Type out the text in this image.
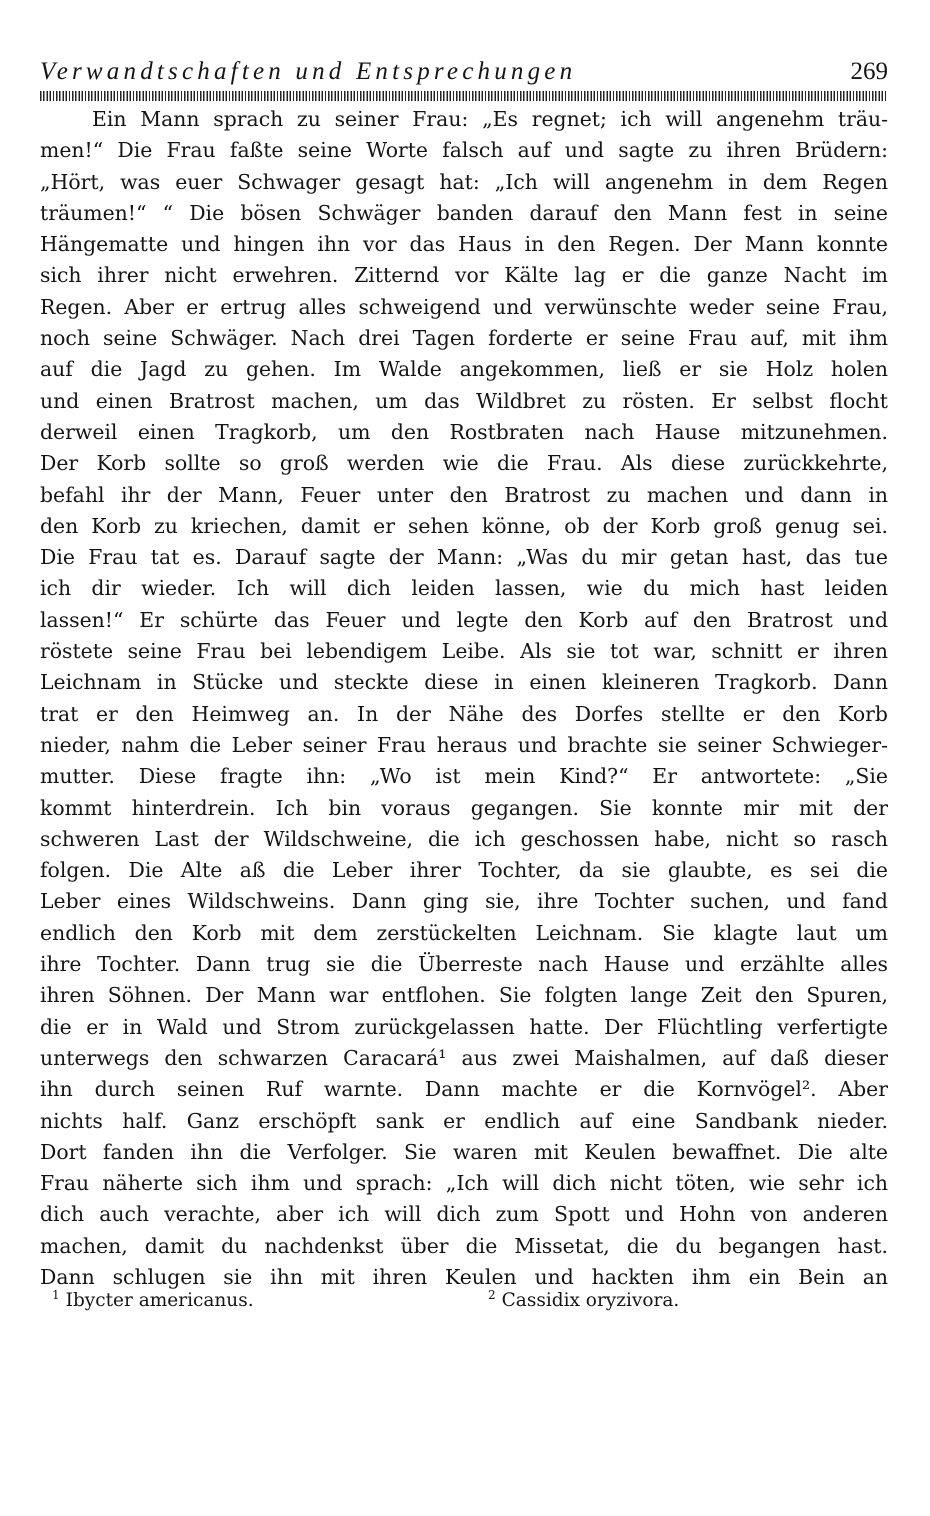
Verwandtschaften und Entsprechungen	269
Ein Mann sprach zu seiner Frau: „Es regnet; ich will angenehm träu-
men!“ Die Frau faßte seine Worte falsch auf und sagte zu ihren Brüdern:
„Hört, was euer Schwager gesagt hat: „Ich will angenehm in dem Regen
träumen!“ “ Die bösen Schwäger banden darauf den Mann fest in seine
Hängematte und hingen ihn vor das Haus in den Regen. Der Mann konnte
sich ihrer nicht erwehren. Zitternd vor Kälte lag er die ganze Nacht im
Regen. Aber er ertrug alles schweigend und verwünschte weder seine Frau,
noch seine Schwäger. Nach drei Tagen forderte er seine Frau auf, mit ihm
auf die Jagd zu gehen. Im Walde angekommen, ließ er sie Holz holen
und einen Bratrost machen, um das Wildbret zu rösten. Er selbst flocht
derweil einen Tragkorb, um den Rostbraten nach Hause mitzunehmen.
Der Korb sollte so groß werden wie die Frau. Als diese zurückkehrte,
befahl ihr der Mann, Feuer unter den Bratrost zu machen und dann in
den Korb zu kriechen, damit er sehen könne, ob der Korb groß genug sei.
Die Frau tat es. Darauf sagte der Mann: „Was du mir getan hast, das tue
ich dir wieder. Ich will dich leiden lassen, wie du mich hast leiden
lassen!“ Er schürte das Feuer und legte den Korb auf den Bratrost und
röstete seine Frau bei lebendigem Leibe. Als sie tot war, schnitt er ihren
Leichnam in Stücke und steckte diese in einen kleineren Tragkorb. Dann
trat er den Heimweg an. In der Nähe des Dorfes stellte er den Korb
nieder, nahm die Leber seiner Frau heraus und brachte sie seiner Schwieger-
mutter. Diese fragte ihn: „Wo ist mein Kind?“ Er antwortete: „Sie
kommt hinterdrein. Ich bin voraus gegangen. Sie konnte mir mit der
schweren Last der Wildschweine, die ich geschossen habe, nicht so rasch
folgen. Die Alte aß die Leber ihrer Tochter, da sie glaubte, es sei die
Leber eines Wildschweins. Dann ging sie, ihre Tochter suchen, und fand
endlich den Korb mit dem zerstückelten Leichnam. Sie klagte laut um
ihre Tochter. Dann trug sie die Überreste nach Hause und erzählte alles
ihren Söhnen. Der Mann war entflohen. Sie folgten lange Zeit den Spuren,
die er in Wald und Strom zurückgelassen hatte. Der Flüchtling verfertigte
unterwegs den schwarzen Caracará¹ aus zwei Maishalmen, auf daß dieser
ihn durch seinen Ruf warnte. Dann machte er die Kornvögel². Aber
nichts half. Ganz erschöpft sank er endlich auf eine Sandbank nieder.
Dort fanden ihn die Verfolger. Sie waren mit Keulen bewaffnet. Die alte
Frau näherte sich ihm und sprach: „Ich will dich nicht töten, wie sehr ich
dich auch verachte, aber ich will dich zum Spott und Hohn von anderen
machen, damit du nachdenkst über die Missetat, die du begangen hast.
Dann schlugen sie ihn mit ihren Keulen und hackten ihm ein Bein an
$^1$ Ibycter americanus.	$^2$ Cassidix oryzivora.
